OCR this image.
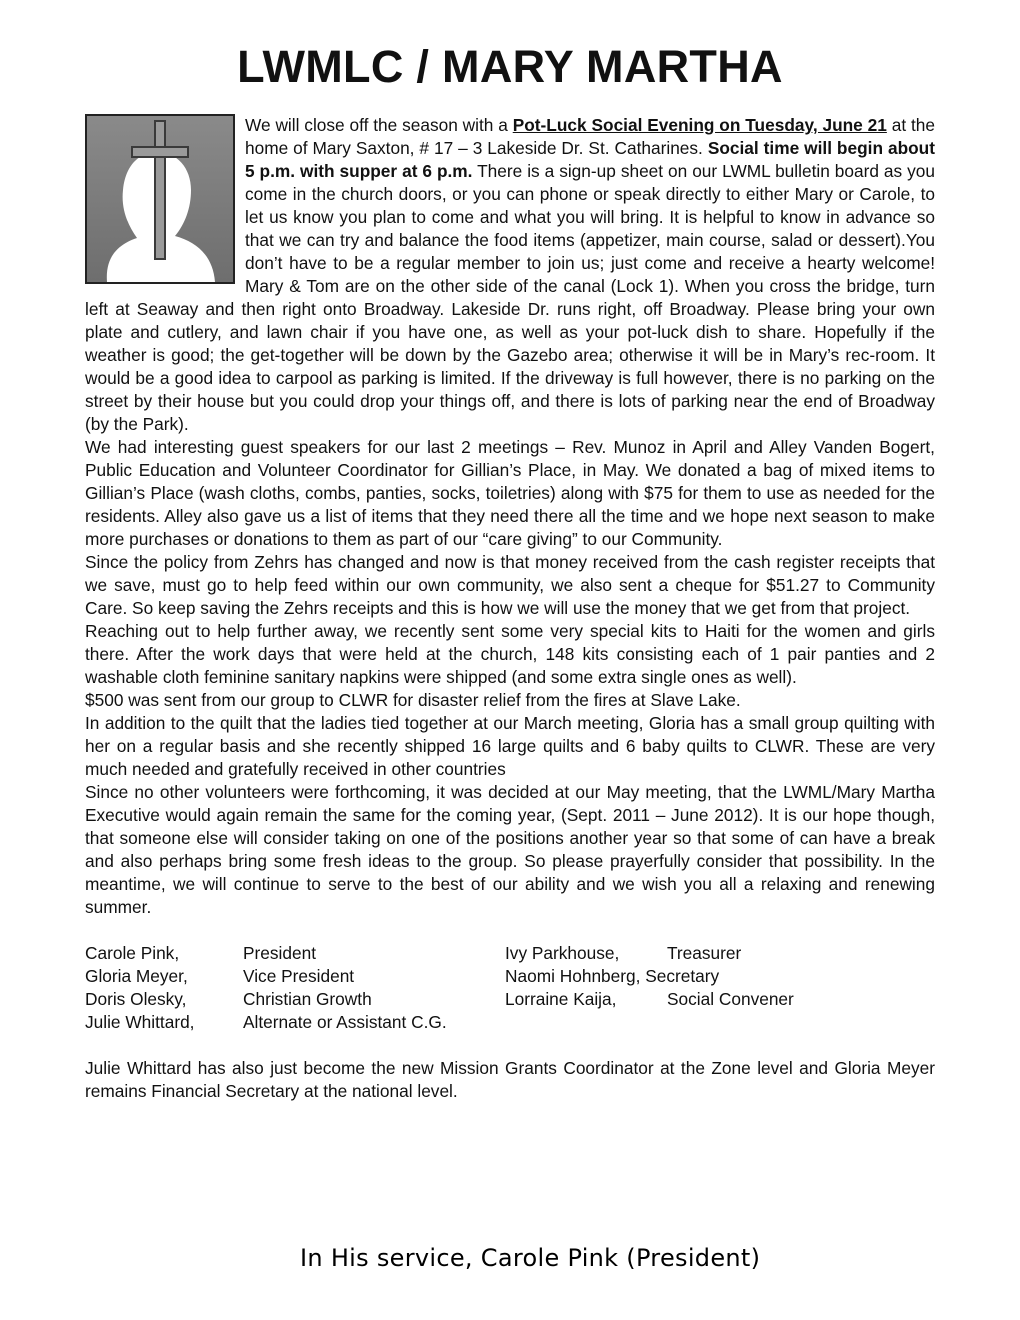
LWMLC / MARY MARTHA

We will close off the season with a Pot-Luck Social Evening on Tuesday, June 21 at the home of Mary Saxton, # 17 – 3 Lakeside Dr. St. Catharines. Social time will begin about 5 p.m. with supper at 6 p.m. There is a sign-up sheet on our LWML bulletin board as you come in the church doors, or you can phone or speak directly to either Mary or Carole, to let us know you plan to come and what you will bring. It is helpful to know in advance so that we can try and balance the food items (appetizer, main course, salad or dessert).You don’t have to be a regular member to join us; just come and receive a hearty welcome! Mary & Tom are on the other side of the canal (Lock 1). When you cross the bridge, turn left at Seaway and then right onto Broadway. Lakeside Dr. runs right, off Broadway. Please bring your own plate and cutlery, and lawn chair if you have one, as well as your pot-luck dish to share. Hopefully if the weather is good; the get-together will be down by the Gazebo area; otherwise it will be in Mary’s rec-room. It would be a good idea to carpool as parking is limited. If the driveway is full however, there is no parking on the street by their house but you could drop your things off, and there is lots of parking near the end of Broadway (by the Park).

We had interesting guest speakers for our last 2 meetings – Rev. Munoz in April and Alley Vanden Bogert, Public Education and Volunteer Coordinator for Gillian’s Place, in May. We donated a bag of mixed items to Gillian’s Place (wash cloths, combs, panties, socks, toiletries) along with $75 for them to use as needed for the residents. Alley also gave us a list of items that they need there all the time and we hope next season to make more purchases or donations to them as part of our “care giving” to our Community.

Since the policy from Zehrs has changed and now is that money received from the cash register receipts that we save, must go to help feed within our own community, we also sent a cheque for $51.27 to Community Care. So keep saving the Zehrs receipts and this is how we will use the money that we get from that project.

Reaching out to help further away, we recently sent some very special kits to Haiti for the women and girls there. After the work days that were held at the church, 148 kits consisting each of 1 pair panties and 2 washable cloth feminine sanitary napkins were shipped (and some extra single ones as well).

$500 was sent from our group to CLWR for disaster relief from the fires at Slave Lake.

In addition to the quilt that the ladies tied together at our March meeting, Gloria has a small group quilting with her on a regular basis and she recently shipped 16 large quilts and 6 baby quilts to CLWR. These are very much needed and gratefully received in other countries

Since no other volunteers were forthcoming, it was decided at our May meeting, that the LWML/Mary Martha Executive would again remain the same for the coming year, (Sept. 2011 – June 2012). It is our hope though, that someone else will consider taking on one of the positions another year so that some of can have a break and also perhaps bring some fresh ideas to the group. So please prayerfully consider that possibility. In the meantime, we will continue to serve to the best of our ability and we wish you all a relaxing and renewing summer.

Carole Pink,	President	Ivy Parkhouse,	Treasurer
Gloria Meyer,	Vice President	Naomi Hohnberg, Secretary
Doris Olesky,	Christian Growth	Lorraine Kaija,	Social Convener
Julie Whittard,	Alternate or Assistant C.G.

Julie Whittard has also just become the new Mission Grants Coordinator at the Zone level and Gloria Meyer remains Financial Secretary at the national level.

In His service, Carole Pink (President)
